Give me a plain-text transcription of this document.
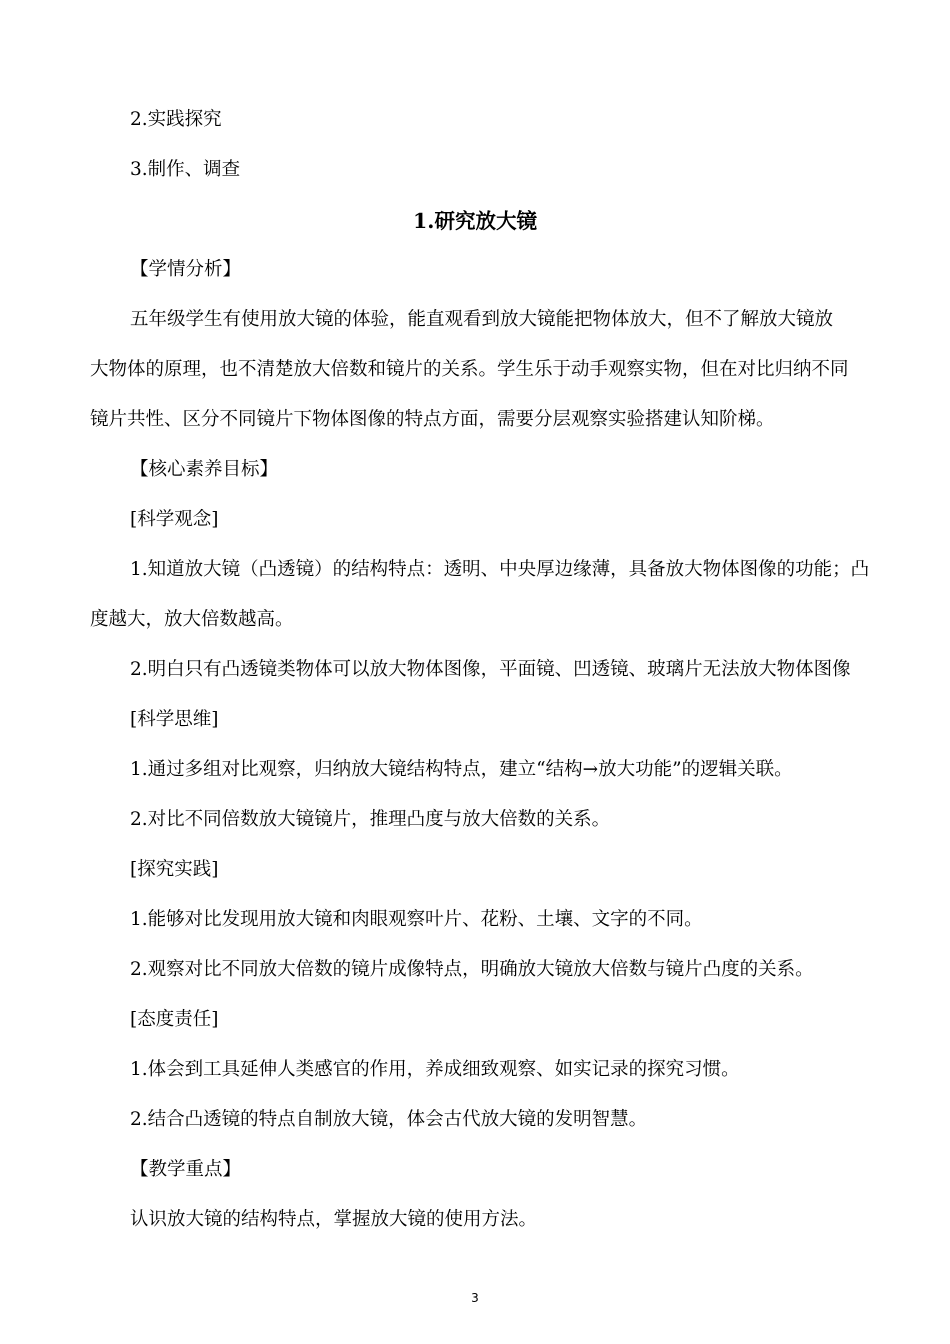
2.实践探究
3.制作、调查
1.研究放大镜
【学情分析】
五年级学生有使用放大镜的体验，能直观看到放大镜能把物体放大，但不了解放大镜放
大物体的原理，也不清楚放大倍数和镜片的关系。学生乐于动手观察实物，但在对比归纳不同
镜片共性、区分不同镜片下物体图像的特点方面，需要分层观察实验搭建认知阶梯。
【核心素养目标】
[科学观念]
1.知道放大镜（凸透镜）的结构特点：透明、中央厚边缘薄，具备放大物体图像的功能；凸
度越大，放大倍数越高。
2.明白只有凸透镜类物体可以放大物体图像，平面镜、凹透镜、玻璃片无法放大物体图像
[科学思维]
1.通过多组对比观察，归纳放大镜结构特点，建立“结构→放大功能”的逻辑关联。
2.对比不同倍数放大镜镜片，推理凸度与放大倍数的关系。
[探究实践]
1.能够对比发现用放大镜和肉眼观察叶片、花粉、土壤、文字的不同。
2.观察对比不同放大倍数的镜片成像特点，明确放大镜放大倍数与镜片凸度的关系。
[态度责任]
1.体会到工具延伸人类感官的作用，养成细致观察、如实记录的探究习惯。
2.结合凸透镜的特点自制放大镜，体会古代放大镜的发明智慧。
【教学重点】
认识放大镜的结构特点，掌握放大镜的使用方法。
3
